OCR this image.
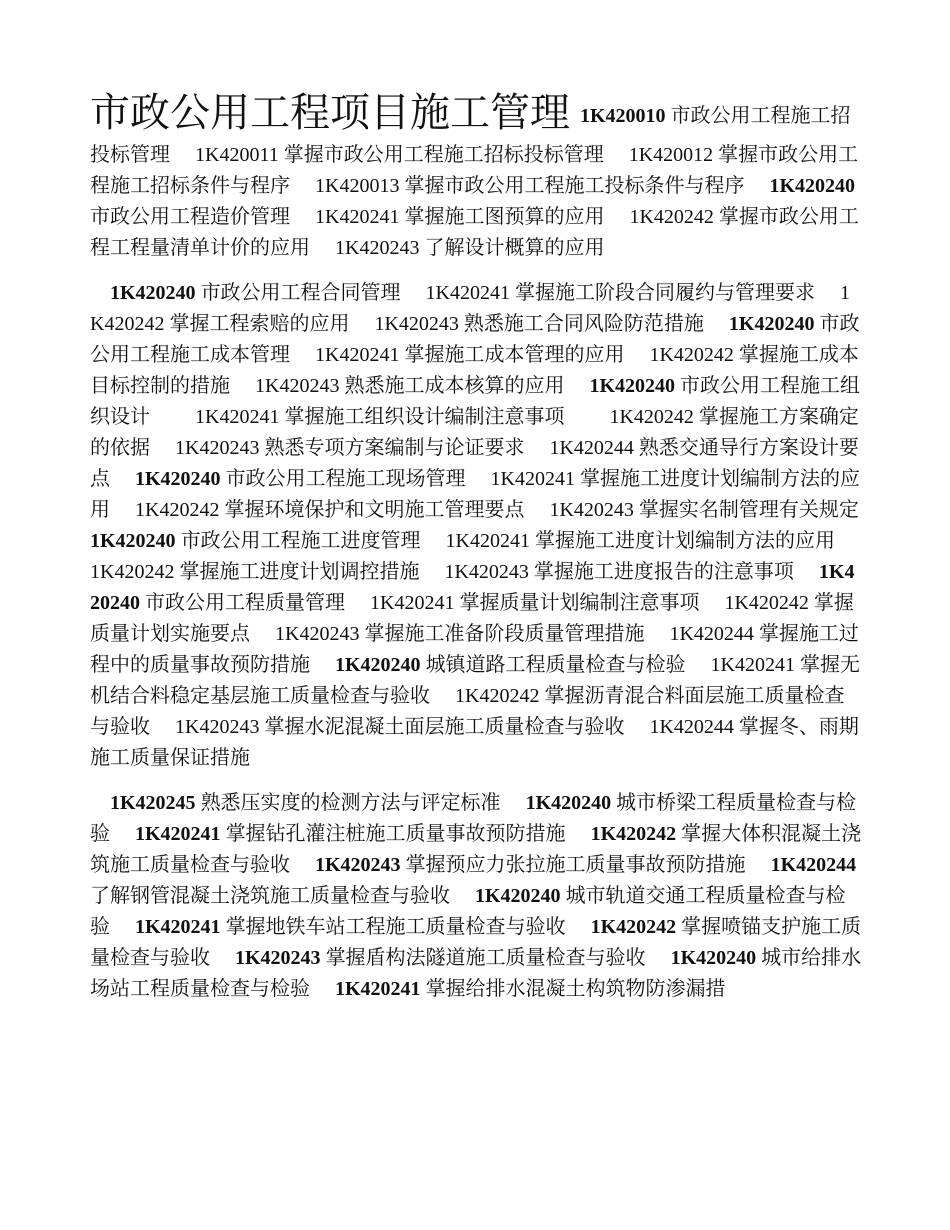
市政公用工程项目施工管理 1K420010 市政公用工程施工招投标管理　 1K420011 掌握市政公用工程施工招标投标管理　 1K420012 掌握市政公用工程施工招标条件与程序　 1K420013 掌握市政公用工程施工投标条件与程序　 1K420240 市政公用工程造价管理　 1K420241 掌握施工图预算的应用　 1K420242 掌握市政公用工程工程量清单计价的应用　 1K420243 了解设计概算的应用

　1K420240 市政公用工程合同管理　 1K420241 掌握施工阶段合同履约与管理要求　 1K420242 掌握工程索赔的应用　 1K420243 熟悉施工合同风险防范措施　 1K420240 市政公用工程施工成本管理　 1K420241 掌握施工成本管理的应用　 1K420242 掌握施工成本目标控制的措施　 1K420243 熟悉施工成本核算的应用　 1K420240 市政公用工程施工组织设计　　 1K420241 掌握施工组织设计编制注意事项　　 1K420242 掌握施工方案确定的依据　 1K420243 熟悉专项方案编制与论证要求　 1K420244 熟悉交通导行方案设计要点　 1K420240 市政公用工程施工现场管理　 1K420241 掌握施工进度计划编制方法的应用　 1K420242 掌握环境保护和文明施工管理要点　 1K420243 掌握实名制管理有关规定　 1K420240 市政公用工程施工进度管理　 1K420241 掌握施工进度计划编制方法的应用　 1K420242 掌握施工进度计划调控措施　 1K420243 掌握施工进度报告的注意事项　 1K420240 市政公用工程质量管理　 1K420241 掌握质量计划编制注意事项　 1K420242 掌握质量计划实施要点　 1K420243 掌握施工准备阶段质量管理措施　 1K420244 掌握施工过程中的质量事故预防措施　 1K420240 城镇道路工程质量检查与检验　 1K420241 掌握无机结合料稳定基层施工质量检查与验收　 1K420242 掌握沥青混合料面层施工质量检查与验收　 1K420243 掌握水泥混凝土面层施工质量检查与验收　 1K420244 掌握冬、雨期施工质量保证措施

　1K420245 熟悉压实度的检测方法与评定标准　 1K420240 城市桥梁工程质量检查与检验　 1K420241 掌握钻孔灌注桩施工质量事故预防措施　 1K420242 掌握大体积混凝土浇筑施工质量检查与验收　 1K420243 掌握预应力张拉施工质量事故预防措施　 1K420244 了解钢管混凝土浇筑施工质量检查与验收　 1K420240 城市轨道交通工程质量检查与检验　 1K420241 掌握地铁车站工程施工质量检查与验收　 1K420242 掌握喷锚支护施工质量检查与验收　 1K420243 掌握盾构法隧道施工质量检查与验收　 1K420240 城市给排水场站工程质量检查与检验　 1K420241 掌握给排水混凝土构筑物防渗漏措
